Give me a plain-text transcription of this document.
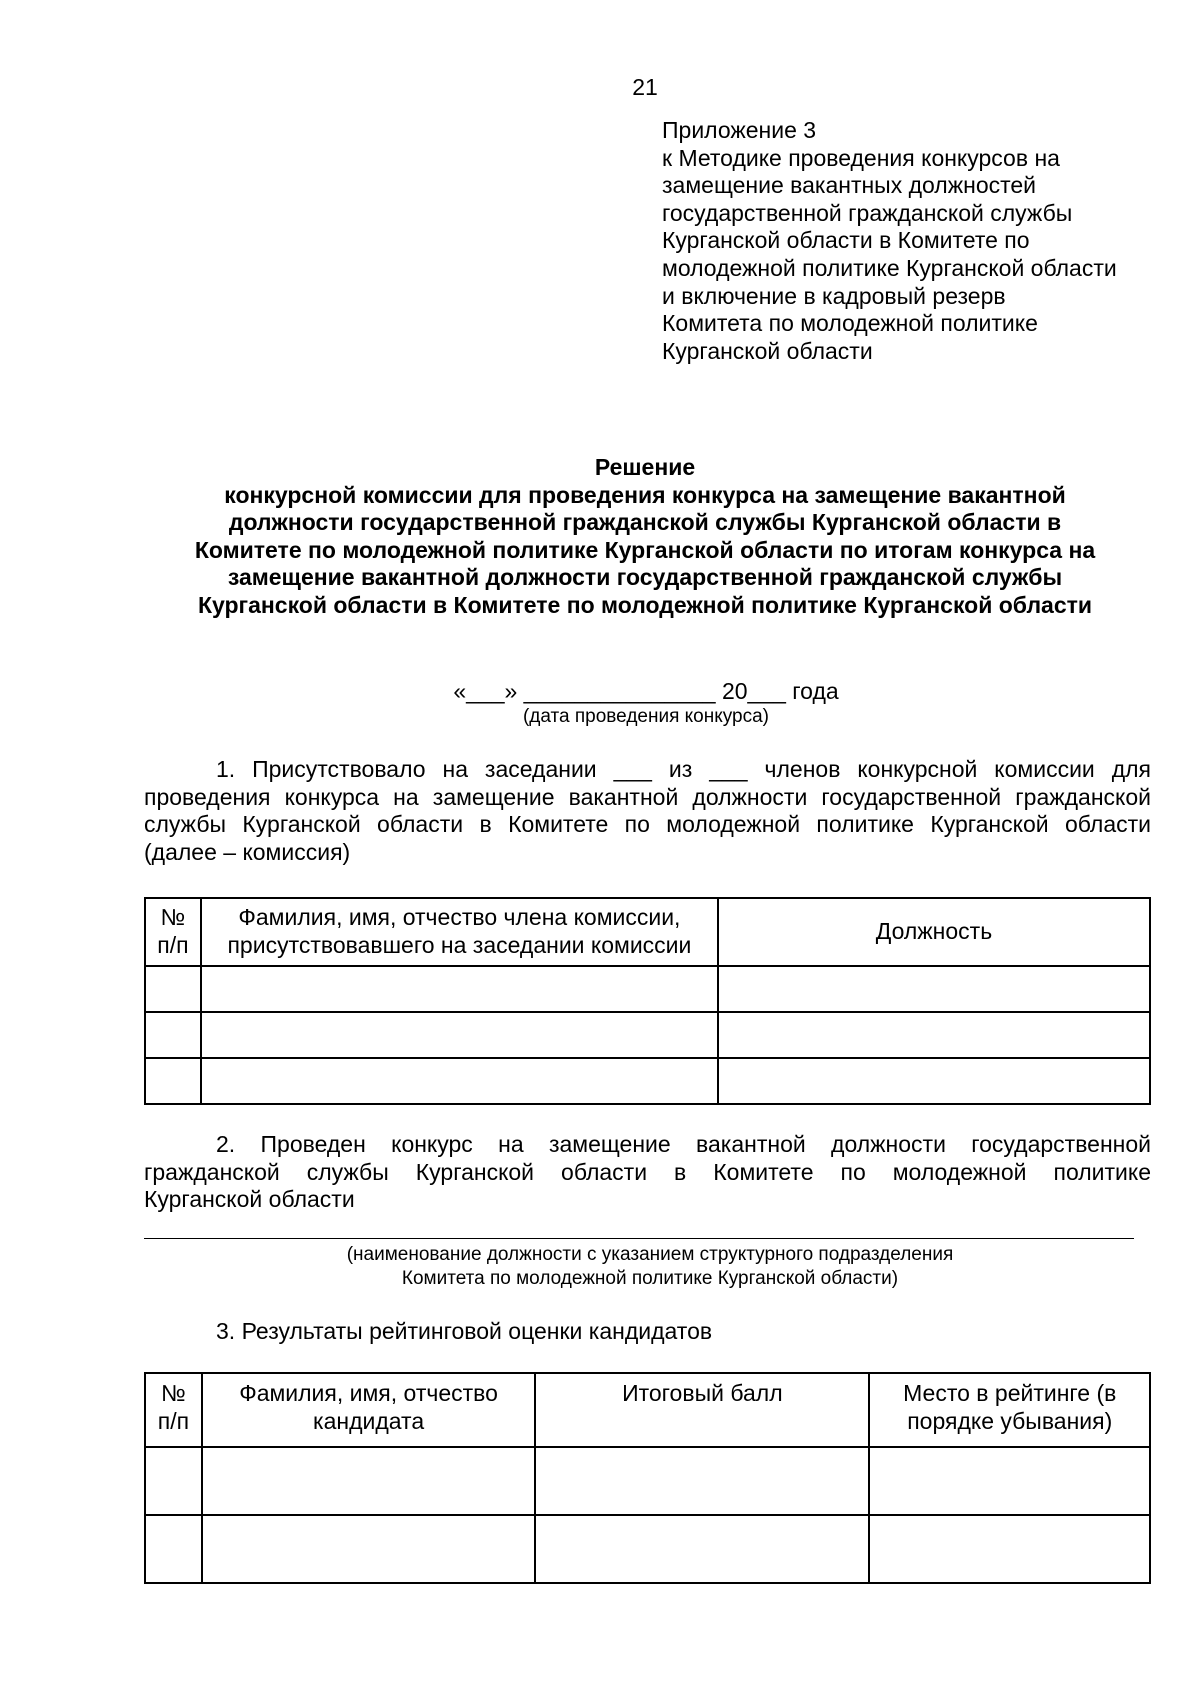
21
Приложение 3
к Методике проведения конкурсов на
замещение вакантных должностей
государственной гражданской службы
Курганской области в Комитете по
молодежной политике Курганской области
и включение в кадровый резерв
Комитета по молодежной политике
Курганской области
Решение
конкурсной комиссии для проведения конкурса на замещение вакантной
должности государственной гражданской службы Курганской области в
Комитете по молодежной политике Курганской области по итогам конкурса на
замещение вакантной должности государственной гражданской службы
Курганской области в Комитете по молодежной политике Курганской области
«___» _______________ 20___ года
(дата проведения конкурса)
1. Присутствовало на заседании ___ из ___ членов конкурсной комиссии для
проведения конкурса на замещение вакантной должности государственной гражданской
службы Курганской области в Комитете по молодежной политике Курганской области
(далее – комиссия)
№ п/п	Фамилия, имя, отчество члена комиссии, присутствовавшего на заседании комиссии	Должность

2. Проведен конкурс на замещение вакантной должности государственной
гражданской службы Курганской области в Комитете по молодежной политике
Курганской области
(наименование должности с указанием структурного подразделения
Комитета по молодежной политике Курганской области)
3. Результаты рейтинговой оценки кандидатов
№ п/п	Фамилия, имя, отчество кандидата	Итоговый балл	Место в рейтинге (в порядке убывания)
